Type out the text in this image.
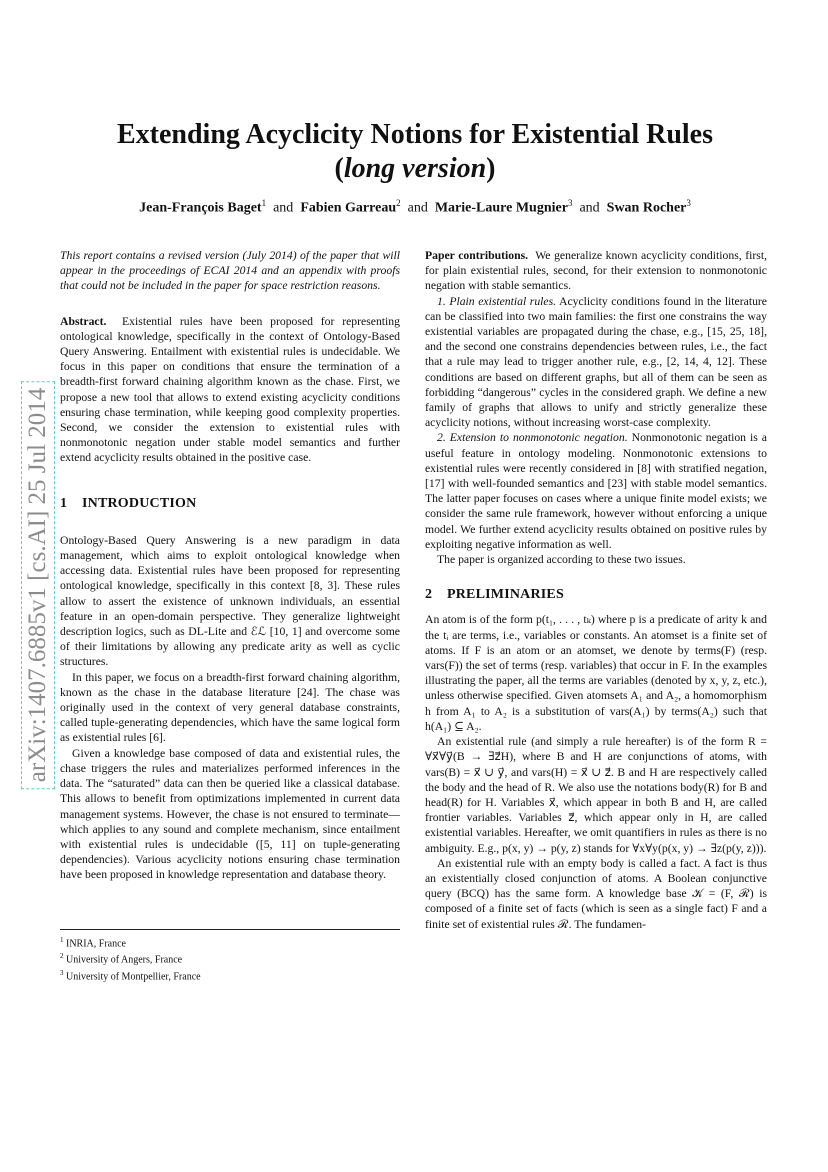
arXiv:1407.6885v1 [cs.AI] 25 Jul 2014
Extending Acyclicity Notions for Existential Rules
(long version)
Jean-François Baget$^1$ and Fabien Garreau$^2$ and Marie-Laure Mugnier$^3$ and Swan Rocher$^3$

This report contains a revised version (July 2014) of the paper that will appear in the proceedings of ECAI 2014 and an appendix with proofs that could not be included in the paper for space restriction reasons.

Abstract. Existential rules have been proposed for representing ontological knowledge, specifically in the context of Ontology-Based Query Answering. Entailment with existential rules is undecidable. We focus in this paper on conditions that ensure the termination of a breadth-first forward chaining algorithm known as the chase. First, we propose a new tool that allows to extend existing acyclicity conditions ensuring chase termination, while keeping good complexity properties. Second, we consider the extension to existential rules with nonmonotonic negation under stable model semantics and further extend acyclicity results obtained in the positive case.

1 INTRODUCTION

Ontology-Based Query Answering is a new paradigm in data management, which aims to exploit ontological knowledge when accessing data. Existential rules have been proposed for representing ontological knowledge, specifically in this context [8, 3]. These rules allow to assert the existence of unknown individuals, an essential feature in an open-domain perspective. They generalize lightweight description logics, such as DL-Lite and ℰℒ [10, 1] and overcome some of their limitations by allowing any predicate arity as well as cyclic structures.

In this paper, we focus on a breadth-first forward chaining algorithm, known as the chase in the database literature [24]. The chase was originally used in the context of very general database constraints, called tuple-generating dependencies, which have the same logical form as existential rules [6].

Given a knowledge base composed of data and existential rules, the chase triggers the rules and materializes performed inferences in the data. The “saturated” data can then be queried like a classical database. This allows to benefit from optimizations implemented in current data management systems. However, the chase is not ensured to terminate— which applies to any sound and complete mechanism, since entailment with existential rules is undecidable ([5, 11] on tuple-generating dependencies). Various acyclicity notions ensuring chase termination have been proposed in knowledge representation and database theory.

$^1$ INRIA, France
$^2$ University of Angers, France
$^3$ University of Montpellier, France

Paper contributions. We generalize known acyclicity conditions, first, for plain existential rules, second, for their extension to nonmonotonic negation with stable semantics.

1. Plain existential rules. Acyclicity conditions found in the literature can be classified into two main families: the first one constrains the way existential variables are propagated during the chase, e.g., [15, 25, 18], and the second one constrains dependencies between rules, i.e., the fact that a rule may lead to trigger another rule, e.g., [2, 14, 4, 12]. These conditions are based on different graphs, but all of them can be seen as forbidding “dangerous” cycles in the considered graph. We define a new family of graphs that allows to unify and strictly generalize these acyclicity notions, without increasing worst-case complexity.

2. Extension to nonmonotonic negation. Nonmonotonic negation is a useful feature in ontology modeling. Nonmonotonic extensions to existential rules were recently considered in [8] with stratified negation, [17] with well-founded semantics and [23] with stable model semantics. The latter paper focuses on cases where a unique finite model exists; we consider the same rule framework, however without enforcing a unique model. We further extend acyclicity results obtained on positive rules by exploiting negative information as well.

The paper is organized according to these two issues.

2 PRELIMINARIES

An atom is of the form p(t₁, . . . , tₖ) where p is a predicate of arity k and the tᵢ are terms, i.e., variables or constants. An atomset is a finite set of atoms. If F is an atom or an atomset, we denote by terms(F) (resp. vars(F)) the set of terms (resp. variables) that occur in F. In the examples illustrating the paper, all the terms are variables (denoted by x, y, z, etc.), unless otherwise specified. Given atomsets A₁ and A₂, a homomorphism h from A₁ to A₂ is a substitution of vars(A₁) by terms(A₂) such that h(A₁) ⊆ A₂.

An existential rule (and simply a rule hereafter) is of the form R = ∀x⃗∀y⃗(B → ∃z⃗H), where B and H are conjunctions of atoms, with vars(B) = x⃗ ∪ y⃗, and vars(H) = x⃗ ∪ z⃗. B and H are respectively called the body and the head of R. We also use the notations body(R) for B and head(R) for H. Variables x⃗, which appear in both B and H, are called frontier variables. Variables z⃗, which appear only in H, are called existential variables. Hereafter, we omit quantifiers in rules as there is no ambiguity. E.g., p(x, y) → p(y, z) stands for ∀x∀y(p(x, y) → ∃z(p(y, z))).

An existential rule with an empty body is called a fact. A fact is thus an existentially closed conjunction of atoms. A Boolean conjunctive query (BCQ) has the same form. A knowledge base 𝒦 = (F, ℛ) is composed of a finite set of facts (which is seen as a single fact) F and a finite set of existential rules ℛ. The fundamen-
